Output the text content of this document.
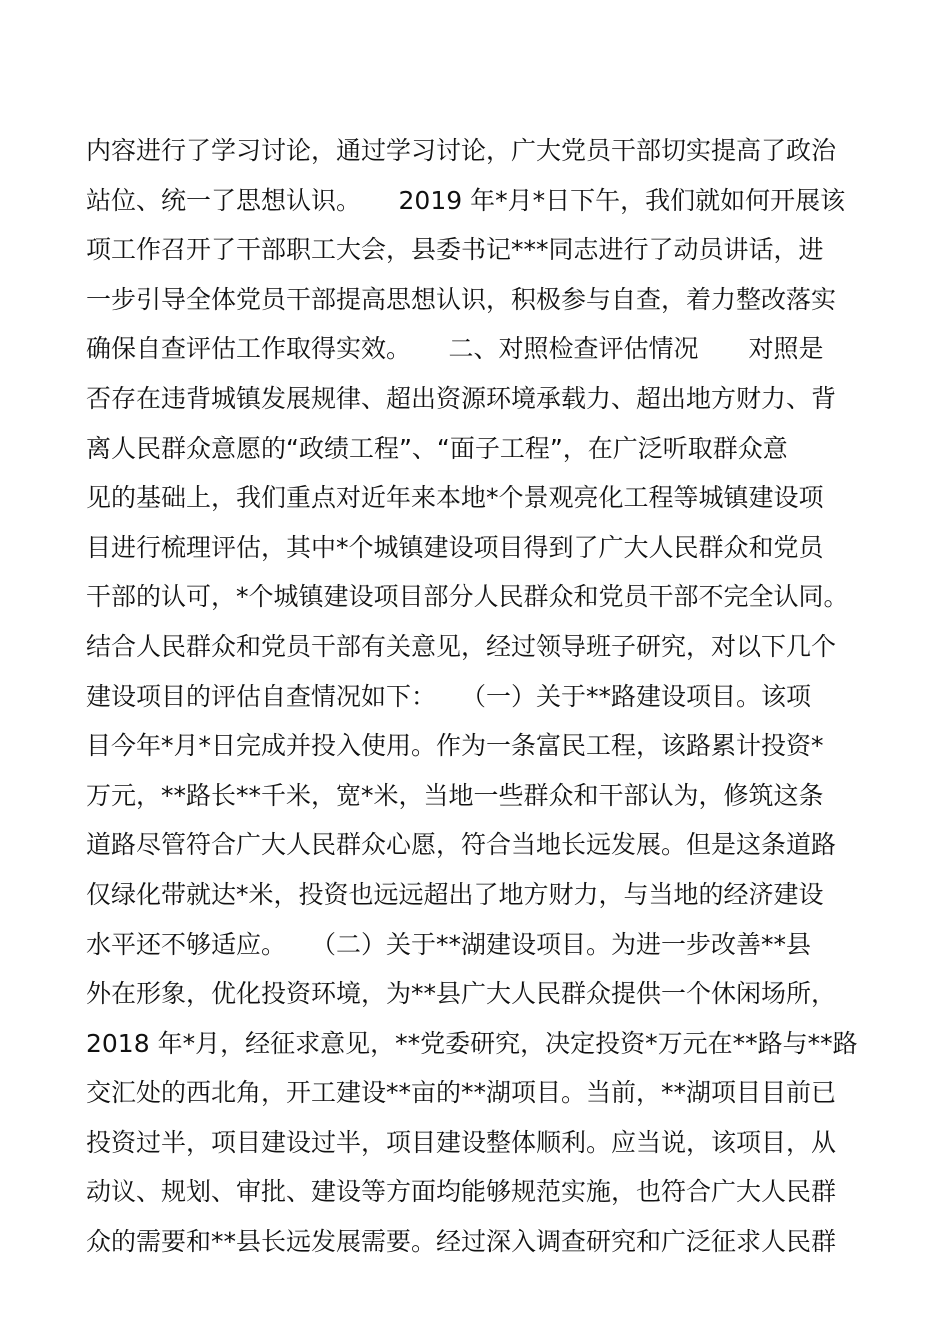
内容进行了学习讨论，通过学习讨论，广大党员干部切实提高了政治
站位、统一了思想认识。　　2019 年*月*日下午，我们就如何开展该
项工作召开了干部职工大会，县委书记***同志进行了动员讲话，进
一步引导全体党员干部提高思想认识，积极参与自查，着力整改落实
确保自查评估工作取得实效。　　二、对照检查评估情况　　对照是
否存在违背城镇发展规律、超出资源环境承载力、超出地方财力、背
离人民群众意愿的“政绩工程”、“面子工程”，在广泛听取群众意
见的基础上，我们重点对近年来本地*个景观亮化工程等城镇建设项
目进行梳理评估，其中*个城镇建设项目得到了广大人民群众和党员
干部的认可，*个城镇建设项目部分人民群众和党员干部不完全认同。
结合人民群众和党员干部有关意见，经过领导班子研究，对以下几个
建设项目的评估自查情况如下：　　（一）关于**路建设项目。该项
目今年*月*日完成并投入使用。作为一条富民工程，该路累计投资*
万元，**路长**千米，宽*米，当地一些群众和干部认为，修筑这条
道路尽管符合广大人民群众心愿，符合当地长远发展。但是这条道路
仅绿化带就达*米，投资也远远超出了地方财力，与当地的经济建设
水平还不够适应。　　（二）关于**湖建设项目。为进一步改善**县
外在形象，优化投资环境，为**县广大人民群众提供一个休闲场所，
2018 年*月，经征求意见，**党委研究，决定投资*万元在**路与**路
交汇处的西北角，开工建设**亩的**湖项目。当前，**湖项目目前已
投资过半，项目建设过半，项目建设整体顺利。应当说，该项目，从
动议、规划、审批、建设等方面均能够规范实施，也符合广大人民群
众的需要和**县长远发展需要。经过深入调查研究和广泛征求人民群
